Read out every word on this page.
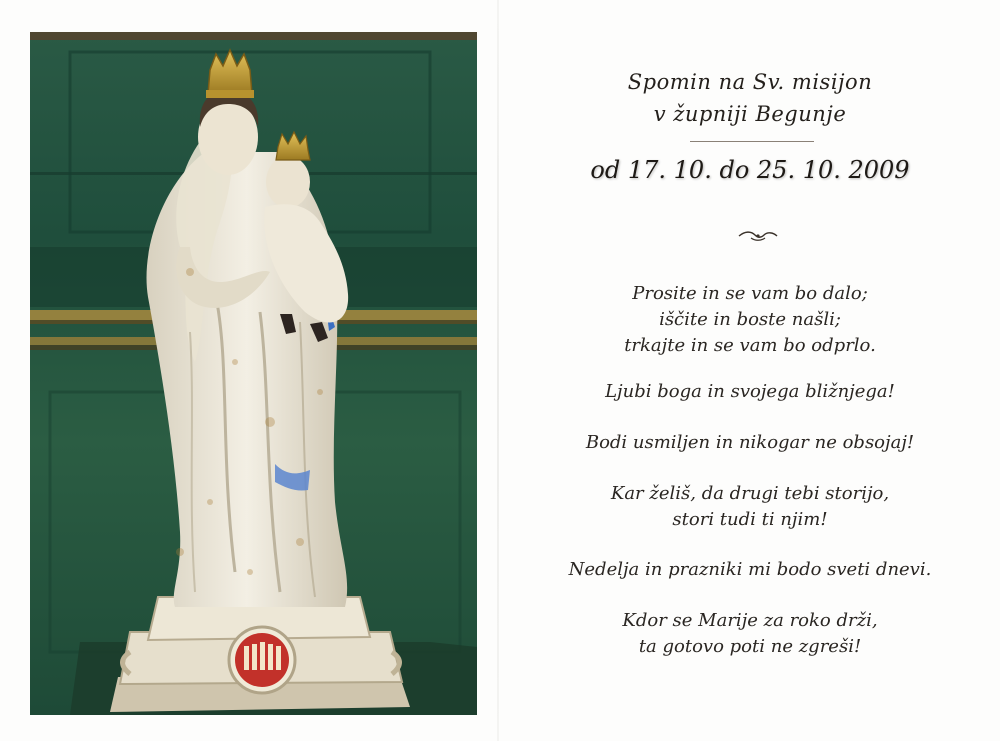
Spomin na Sv. misijon
v župniji Begunje
od 17. 10. do 25. 10. 2009
Prosite in se vam bo dalo;
iščite in boste našli;
trkajte in se vam bo odprlo.
Ljubi boga in svojega bližnjega!
Bodi usmiljen in nikogar ne obsojaj!
Kar želiš, da drugi tebi storijo,
stori tudi ti njim!
Nedelja in prazniki mi bodo sveti dnevi.
Kdor se Marije za roko drži,
ta gotovo poti ne zgreši!
